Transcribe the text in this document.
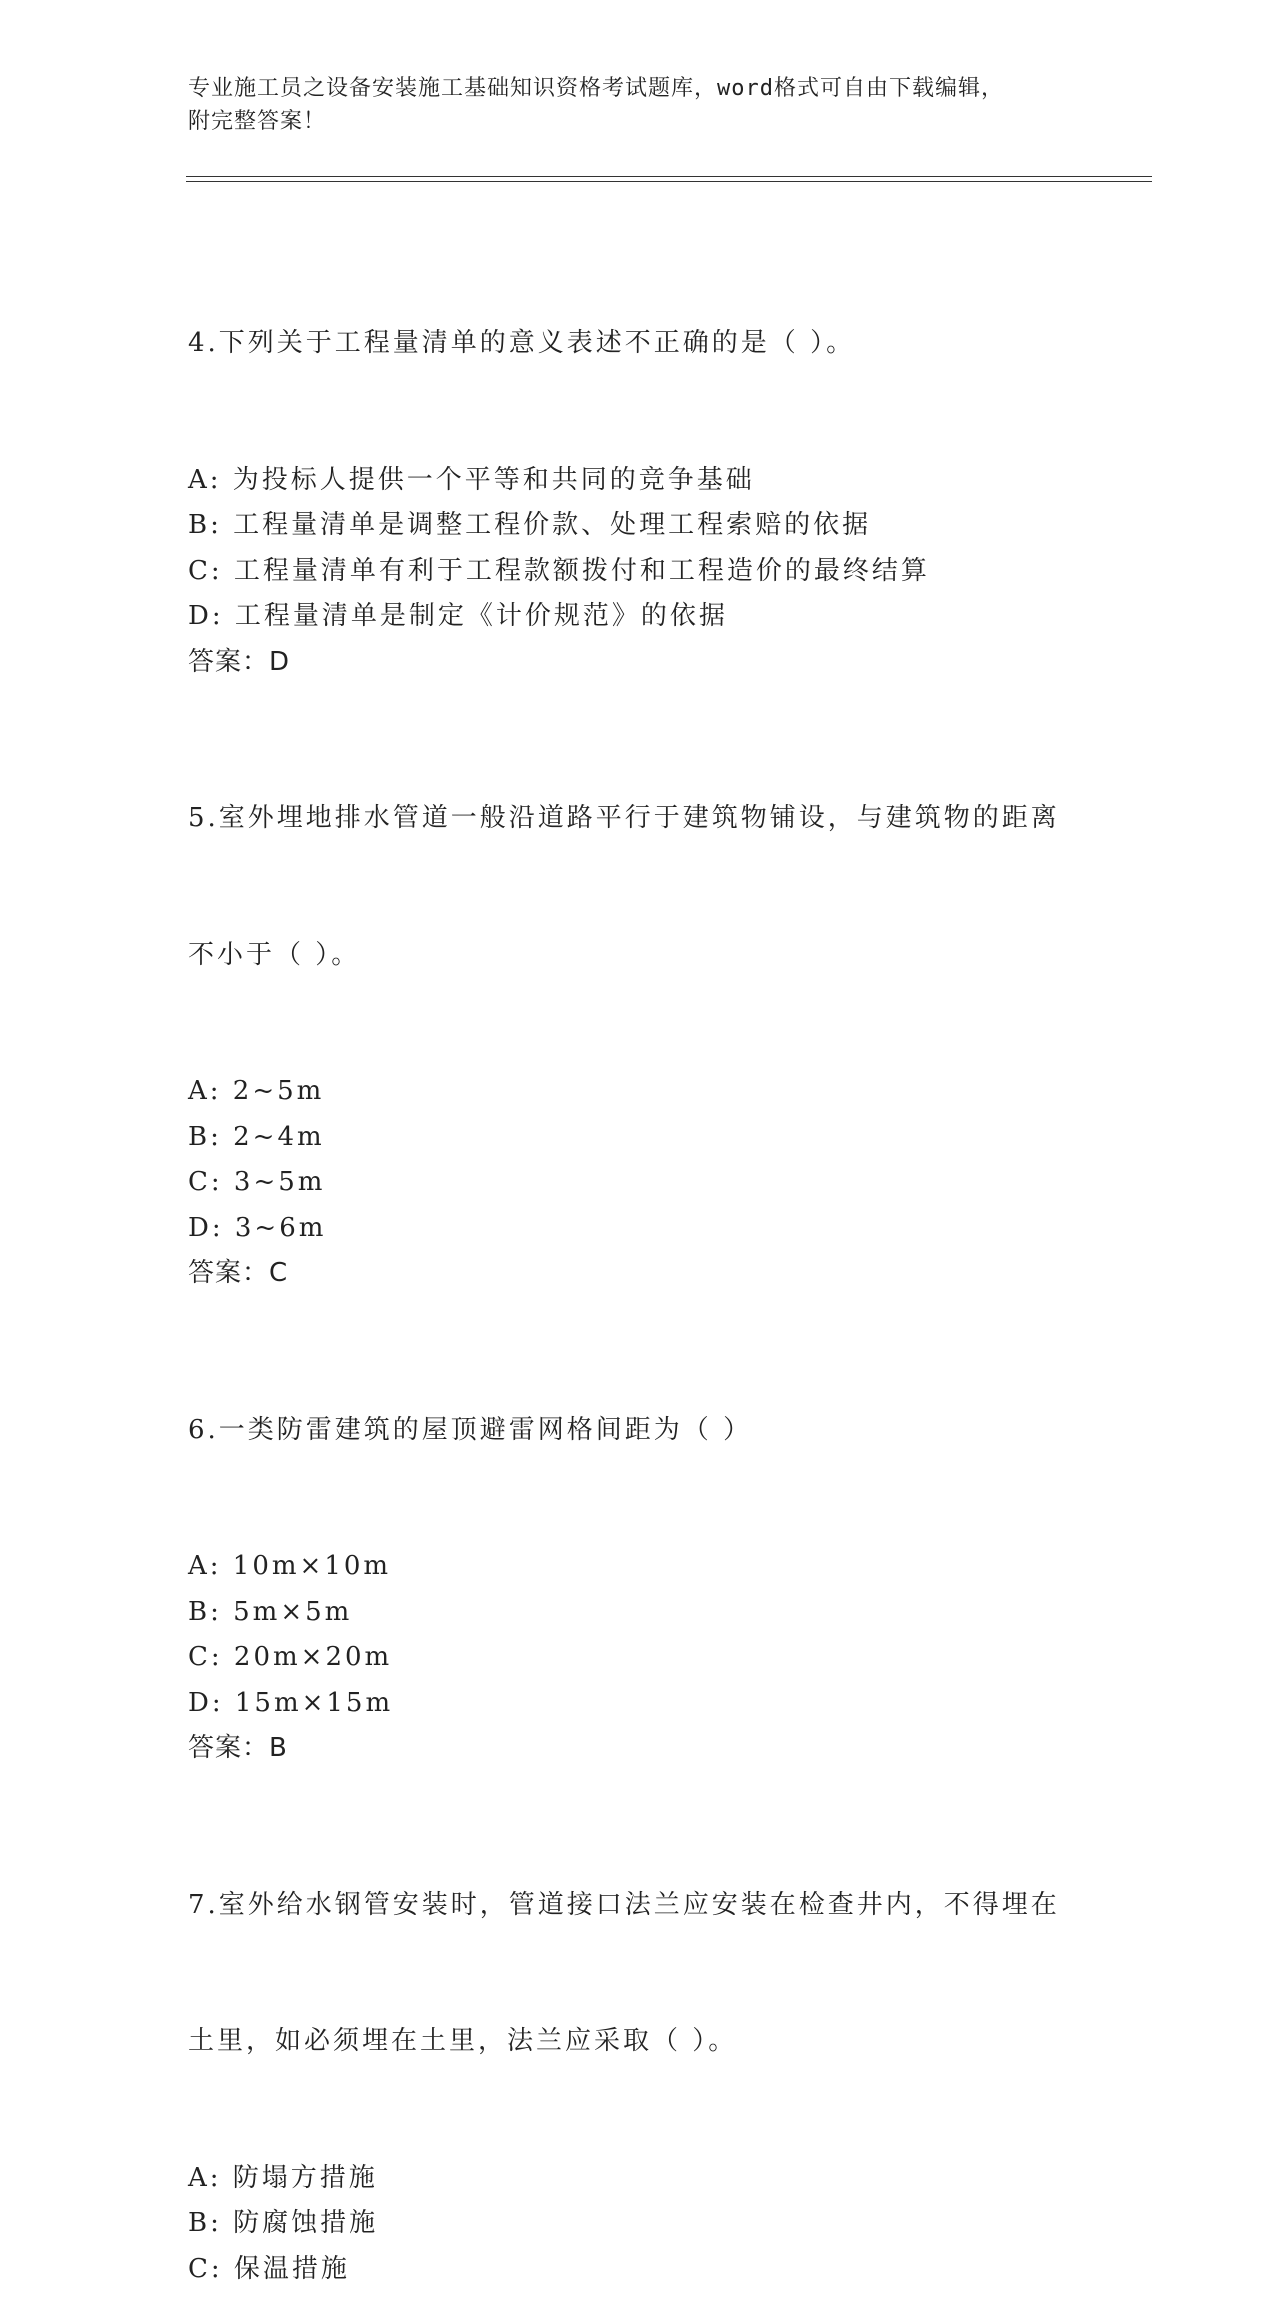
专业施工员之设备安装施工基础知识资格考试题库，word格式可自由下载编辑，
附完整答案！

4.下列关于工程量清单的意义表述不正确的是（ ）。

A: 为投标人提供一个平等和共同的竞争基础
B: 工程量清单是调整工程价款、处理工程索赔的依据
C: 工程量清单有利于工程款额拨付和工程造价的最终结算
D: 工程量清单是制定《计价规范》的依据
答案：D

5.室外埋地排水管道一般沿道路平行于建筑物铺设，与建筑物的距离

不小于（ ）。

A: 2~5m
B: 2~4m
C: 3~5m
D: 3~6m
答案：C

6.一类防雷建筑的屋顶避雷网格间距为（ ）

A: 10m×10m
B: 5m×5m
C: 20m×20m
D: 15m×15m
答案：B

7.室外给水钢管安装时，管道接口法兰应安装在检查井内，不得埋在

土里，如必须埋在土里，法兰应采取（ ）。

A: 防塌方措施
B: 防腐蚀措施
C: 保温措施
